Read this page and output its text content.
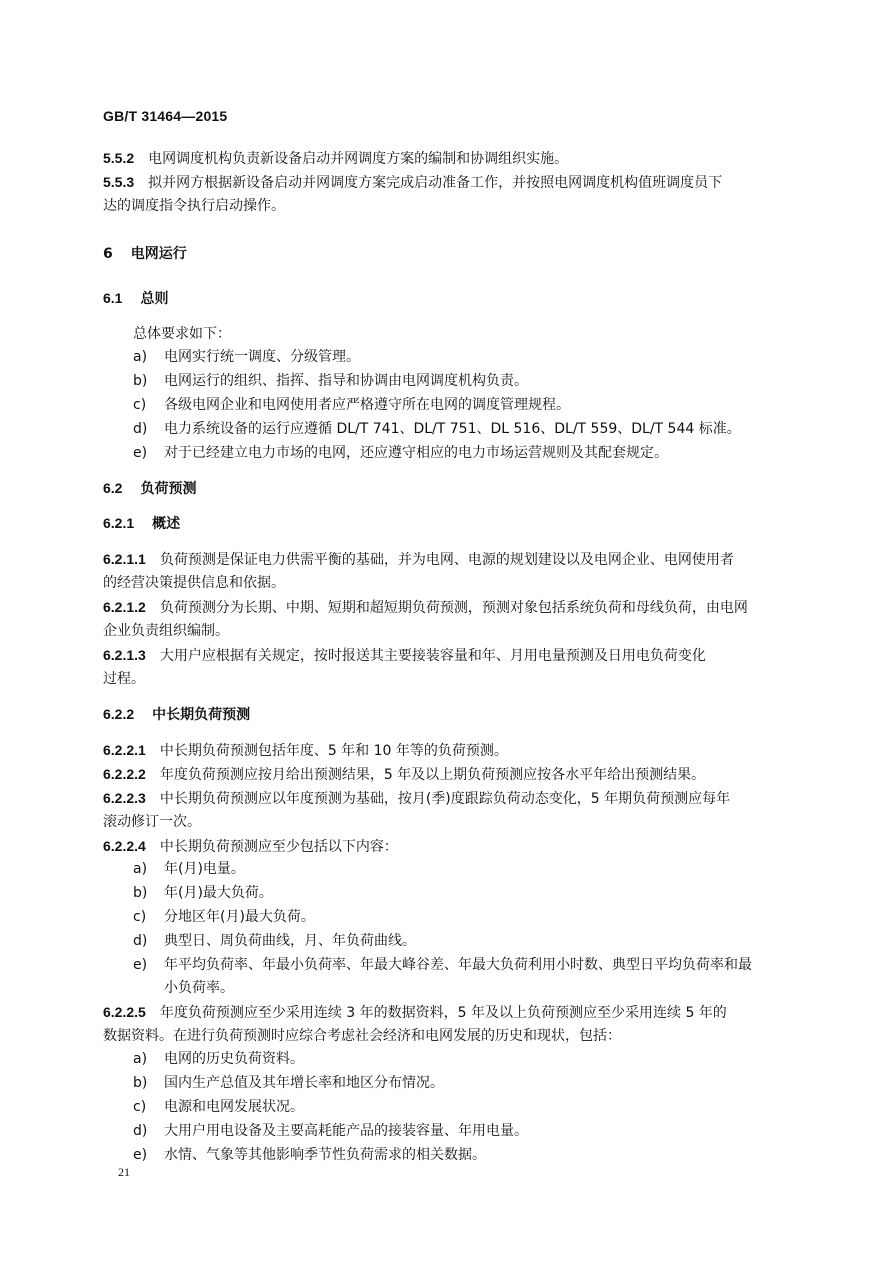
GB/T 31464—2015
5.5.2 电网调度机构负责新设备启动并网调度方案的编制和协调组织实施。
5.5.3 拟并网方根据新设备启动并网调度方案完成启动准备工作，并按照电网调度机构值班调度员下
达的调度指令执行启动操作。
6 电网运行
6.1 总则
总体要求如下：
a) 电网实行统一调度、分级管理。
b) 电网运行的组织、指挥、指导和协调由电网调度机构负责。
c) 各级电网企业和电网使用者应严格遵守所在电网的调度管理规程。
d) 电力系统设备的运行应遵循 DL/T 741、DL/T 751、DL 516、DL/T 559、DL/T 544 标准。
e) 对于已经建立电力市场的电网，还应遵守相应的电力市场运营规则及其配套规定。
6.2 负荷预测
6.2.1 概述
6.2.1.1 负荷预测是保证电力供需平衡的基础，并为电网、电源的规划建设以及电网企业、电网使用者
的经营决策提供信息和依据。
6.2.1.2 负荷预测分为长期、中期、短期和超短期负荷预测，预测对象包括系统负荷和母线负荷，由电网
企业负责组织编制。
6.2.1.3 大用户应根据有关规定，按时报送其主要接装容量和年、月用电量预测及日用电负荷变化
过程。
6.2.2 中长期负荷预测
6.2.2.1 中长期负荷预测包括年度、5 年和 10 年等的负荷预测。
6.2.2.2 年度负荷预测应按月给出预测结果，5 年及以上期负荷预测应按各水平年给出预测结果。
6.2.2.3 中长期负荷预测应以年度预测为基础，按月(季)度跟踪负荷动态变化，5 年期负荷预测应每年
滚动修订一次。
6.2.2.4 中长期负荷预测应至少包括以下内容：
a) 年(月)电量。
b) 年(月)最大负荷。
c) 分地区年(月)最大负荷。
d) 典型日、周负荷曲线，月、年负荷曲线。
e) 年平均负荷率、年最小负荷率、年最大峰谷差、年最大负荷利用小时数、典型日平均负荷率和最
小负荷率。
6.2.2.5 年度负荷预测应至少采用连续 3 年的数据资料，5 年及以上负荷预测应至少采用连续 5 年的
数据资料。在进行负荷预测时应综合考虑社会经济和电网发展的历史和现状，包括：
a) 电网的历史负荷资料。
b) 国内生产总值及其年增长率和地区分布情况。
c) 电源和电网发展状况。
d) 大用户用电设备及主要高耗能产品的接装容量、年用电量。
e) 水情、气象等其他影响季节性负荷需求的相关数据。
21
